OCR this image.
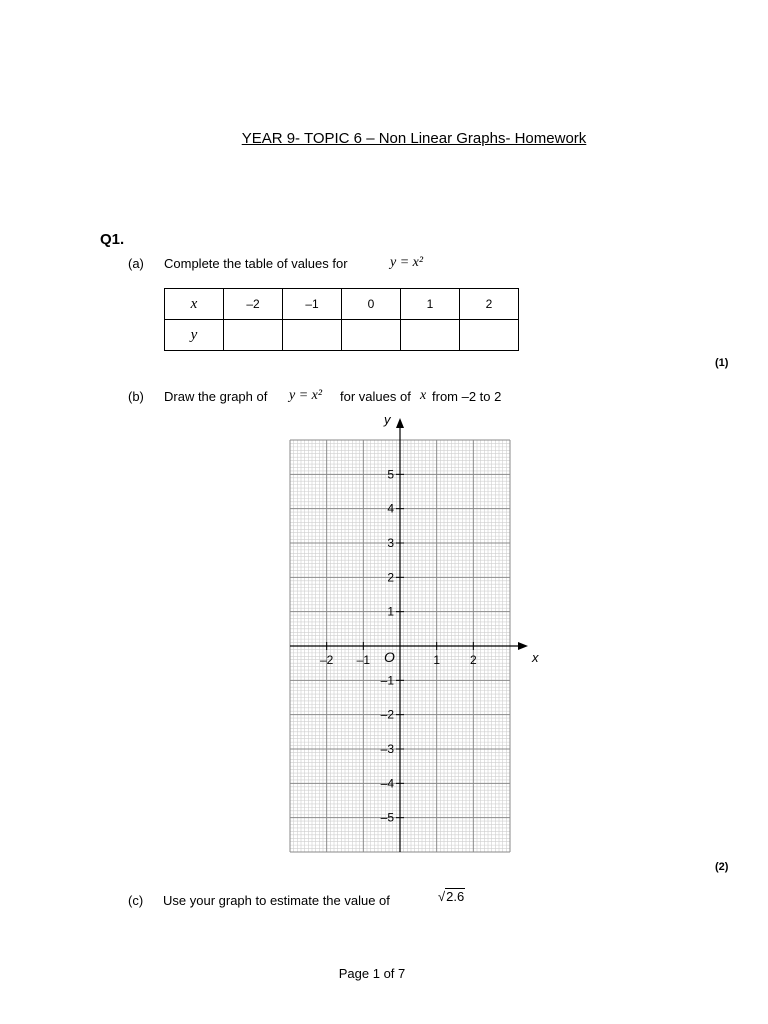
YEAR 9- TOPIC 6 – Non Linear Graphs- Homework
Q1.
(a) Complete the table of values for	y = x²
x	–2	–1	0	1	2
y					
(1)
(b) Draw the graph of y = x² for values of x from –2 to 2
–2 –1	1 2
5
4
3
2
1
–1
–2
–3
–4
–5
x
y
O
(2)
(c) Use your graph to estimate the value of	√2.6
Page 1 of 7
